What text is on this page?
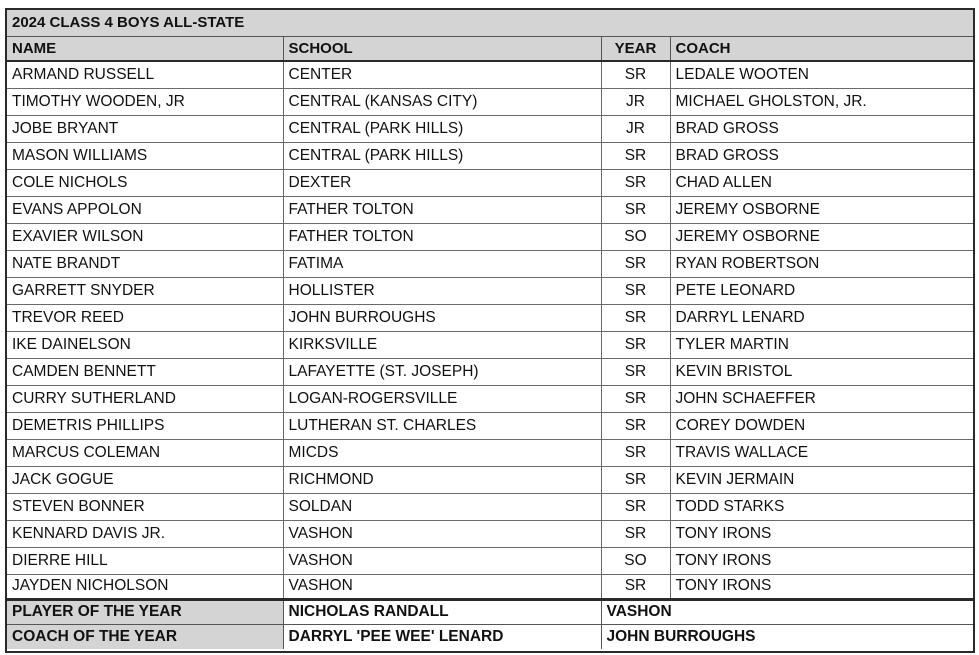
2024 CLASS 4 BOYS ALL-STATE			
NAME	SCHOOL	YEAR	COACH
ARMAND RUSSELL	CENTER	SR	LEDALE WOOTEN
TIMOTHY WOODEN, JR	CENTRAL (KANSAS CITY)	JR	MICHAEL GHOLSTON, JR.
JOBE BRYANT	CENTRAL (PARK HILLS)	JR	BRAD GROSS
MASON WILLIAMS	CENTRAL (PARK HILLS)	SR	BRAD GROSS
COLE NICHOLS	DEXTER	SR	CHAD ALLEN
EVANS APPOLON	FATHER TOLTON	SR	JEREMY OSBORNE
EXAVIER WILSON	FATHER TOLTON	SO	JEREMY OSBORNE
NATE BRANDT	FATIMA	SR	RYAN ROBERTSON
GARRETT SNYDER	HOLLISTER	SR	PETE LEONARD
TREVOR REED	JOHN BURROUGHS	SR	DARRYL LENARD
IKE DAINELSON	KIRKSVILLE	SR	TYLER MARTIN
CAMDEN BENNETT	LAFAYETTE (ST. JOSEPH)	SR	KEVIN BRISTOL
CURRY SUTHERLAND	LOGAN-ROGERSVILLE	SR	JOHN SCHAEFFER
DEMETRIS PHILLIPS	LUTHERAN ST. CHARLES	SR	COREY DOWDEN
MARCUS COLEMAN	MICDS	SR	TRAVIS WALLACE
JACK GOGUE	RICHMOND	SR	KEVIN JERMAIN
STEVEN BONNER	SOLDAN	SR	TODD STARKS
KENNARD DAVIS JR.	VASHON	SR	TONY IRONS
DIERRE HILL	VASHON	SO	TONY IRONS
JAYDEN NICHOLSON	VASHON	SR	TONY IRONS
PLAYER OF THE YEAR	NICHOLAS RANDALL	VASHON	
COACH OF THE YEAR	DARRYL 'PEE WEE' LENARD	JOHN BURROUGHS	
